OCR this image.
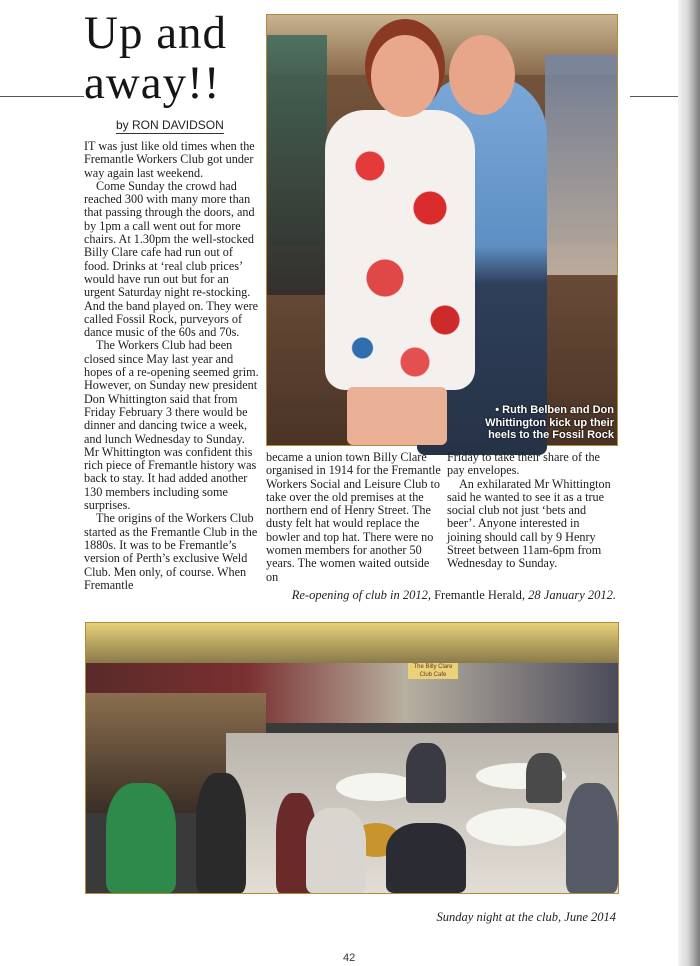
Up and away!!
by RON DAVIDSON

IT was just like old times when the Fremantle Workers Club got under way again last weekend.

Come Sunday the crowd had reached 300 with many more than that passing through the doors, and by 1pm a call went out for more chairs. At 1.30pm the well-stocked Billy Clare cafe had run out of food. Drinks at ‘real club prices’ would have run out but for an urgent Saturday night re-stocking. And the band played on. They were called Fossil Rock, purveyors of dance music of the 60s and 70s.

The Workers Club had been closed since May last year and hopes of a re-opening seemed grim. However, on Sunday new president Don Whittington said that from Friday February 3 there would be dinner and dancing twice a week, and lunch Wednesday to Sunday. Mr Whittington was confident this rich piece of Fremantle history was back to stay. It had added another 130 members including some surprises.

The origins of the Workers Club started as the Fremantle Club in the 1880s. It was to be Fremantle’s version of Perth’s exclusive Weld Club. Men only, of course. When Fremantle

• Ruth Belben and Don Whittington kick up their heels to the Fossil Rock

became a union town Billy Clare organised in 1914 for the Fremantle Workers Social and Leisure Club to take over the old premises at the northern end of Henry Street. The dusty felt hat would replace the bowler and top hat. There were no women members for another 50 years. The women waited outside on

Friday to take their share of the pay envelopes.

An exhilarated Mr Whittington said he wanted to see it as a true social club not just ‘bets and beer’. Anyone interested in joining should call by 9 Henry Street between 11am-6pm from Wednesday to Sunday.

Re-opening of club in 2012, Fremantle Herald, 28 January 2012.
The Billy Clare Club Cafe
Sunday night at the club, June 2014
42
